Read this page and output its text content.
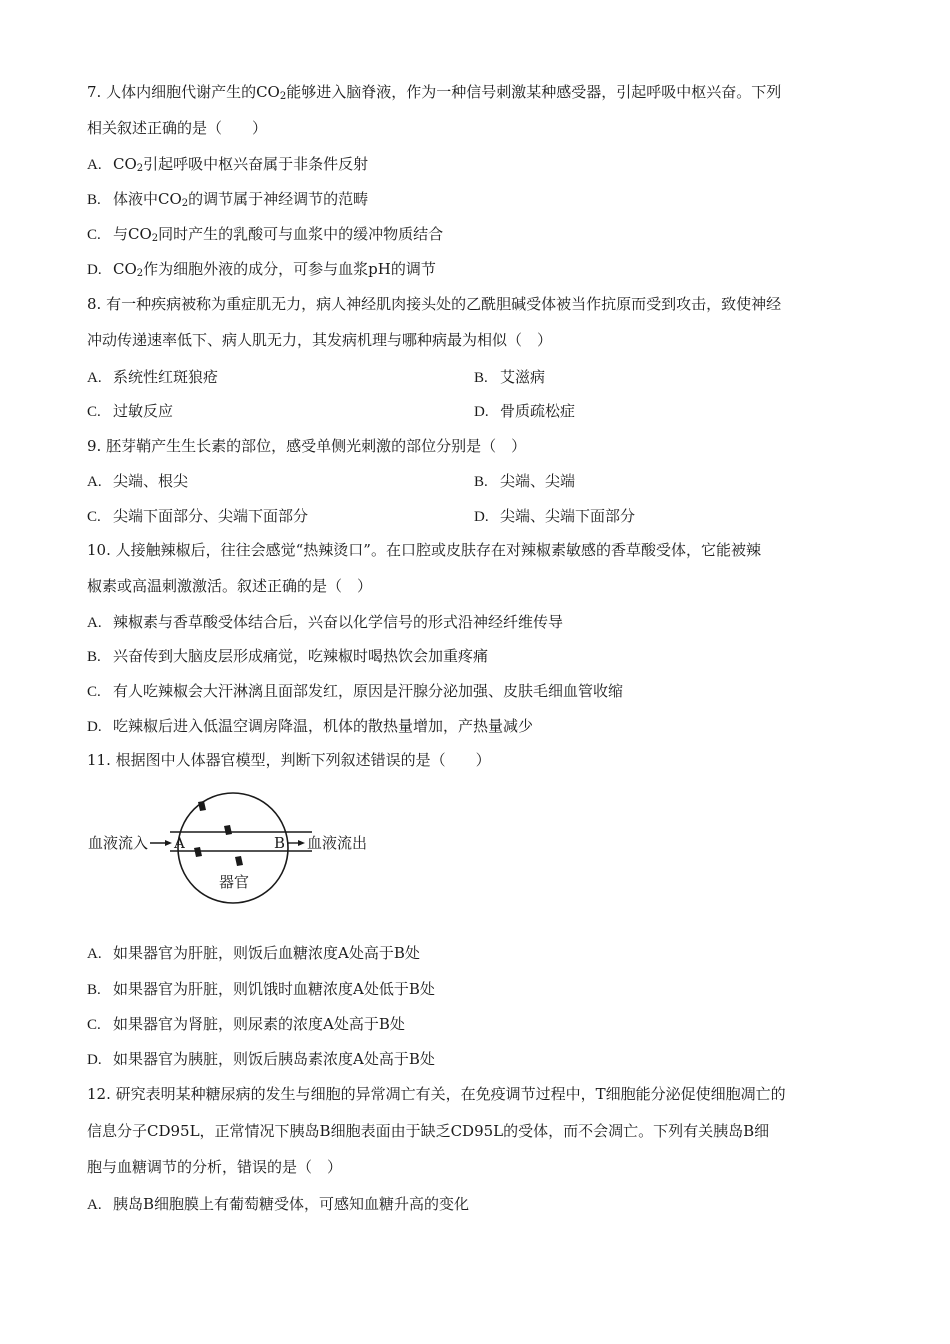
7. 人体内细胞代谢产生的$CO_2$能够进入脑脊液，作为一种信号刺激某种感受器，引起呼吸中枢兴奋。下列
相关叙述正确的是（　　）
A. $CO_2$引起呼吸中枢兴奋属于非条件反射
B. 体液中$CO_2$的调节属于神经调节的范畴
C. 与$CO_2$同时产生的乳酸可与血浆中的缓冲物质结合
D. $CO_2$作为细胞外液的成分，可参与血浆pH的调节
8. 有一种疾病被称为重症肌无力，病人神经肌肉接头处的乙酰胆碱受体被当作抗原而受到攻击，致使神经
冲动传递速率低下、病人肌无力，其发病机理与哪种病最为相似（　）
A. 系统性红斑狼疮	B. 艾滋病
C. 过敏反应	D. 骨质疏松症
9. 胚芽鞘产生生长素的部位，感受单侧光刺激的部位分别是（　）
A. 尖端、根尖	B. 尖端、尖端
C. 尖端下面部分、尖端下面部分	D. 尖端、尖端下面部分
10. 人接触辣椒后，往往会感觉“热辣烫口”。在口腔或皮肤存在对辣椒素敏感的香草酸受体，它能被辣
椒素或高温刺激激活。叙述正确的是（　）
A. 辣椒素与香草酸受体结合后，兴奋以化学信号的形式沿神经纤维传导
B. 兴奋传到大脑皮层形成痛觉，吃辣椒时喝热饮会加重疼痛
C. 有人吃辣椒会大汗淋漓且面部发红，原因是汗腺分泌加强、皮肤毛细血管收缩
D. 吃辣椒后进入低温空调房降温，机体的散热量增加，产热量减少
11. 根据图中人体器官模型，判断下列叙述错误的是（　　）
血液流入 A	B 血液流出
器官
A. 如果器官为肝脏，则饭后血糖浓度A处高于B处
B. 如果器官为肝脏，则饥饿时血糖浓度A处低于B处
C. 如果器官为肾脏，则尿素的浓度A处高于B处
D. 如果器官为胰脏，则饭后胰岛素浓度A处高于B处
12. 研究表明某种糖尿病的发生与细胞的异常凋亡有关，在免疫调节过程中，T细胞能分泌促使细胞凋亡的
信息分子CD95L，正常情况下胰岛B细胞表面由于缺乏CD95L的受体，而不会凋亡。下列有关胰岛B细
胞与血糖调节的分析，错误的是（　）
A. 胰岛B细胞膜上有葡萄糖受体，可感知血糖升高的变化
